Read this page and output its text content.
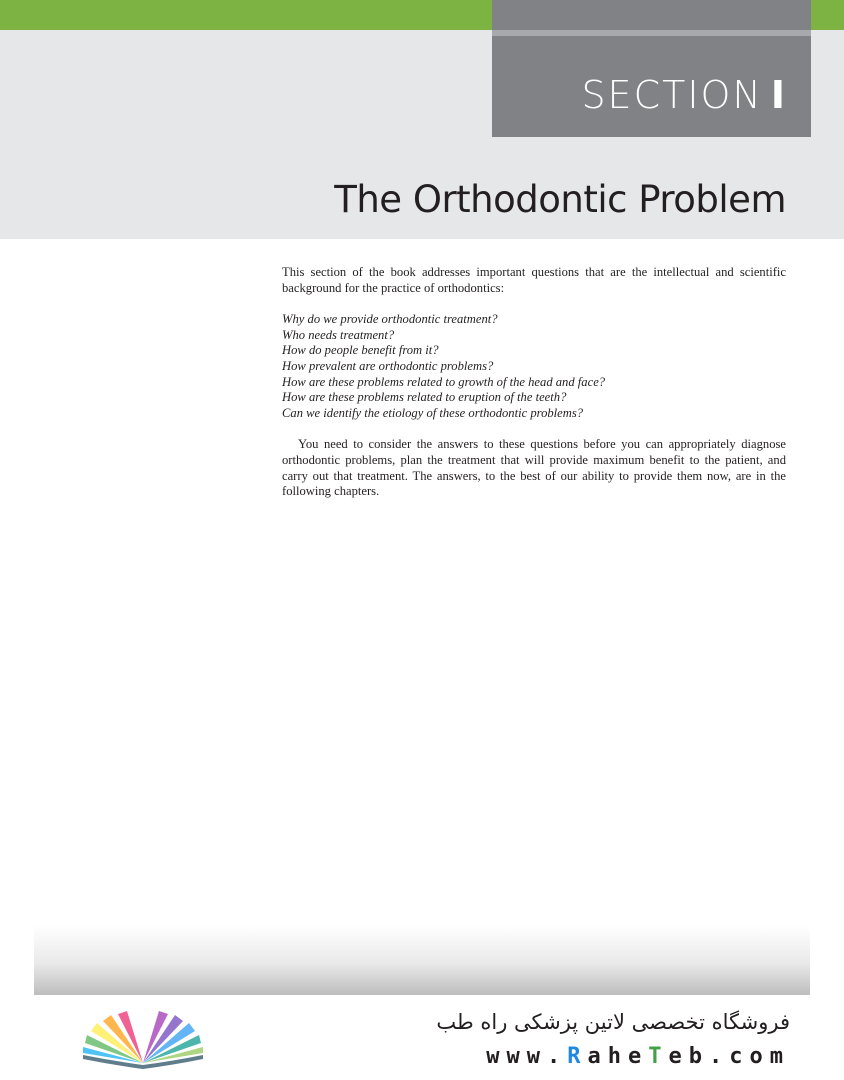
SECTION I
The Orthodontic Problem

This section of the book addresses important questions that are the intellectual and scientific background for the practice of orthodontics:

Why do we provide orthodontic treatment?
Who needs treatment?
How do people benefit from it?
How prevalent are orthodontic problems?
How are these problems related to growth of the head and face?
How are these problems related to eruption of the teeth?
Can we identify the etiology of these orthodontic problems?

You need to consider the answers to these questions before you can appropriately diagnose orthodontic problems, plan the treatment that will provide maximum benefit to the patient, and carry out that treatment. The answers, to the best of our ability to provide them now, are in the following chapters.

فروشگاه تخصصی لاتین پزشکی راه طب
www.RaheTeb.com
